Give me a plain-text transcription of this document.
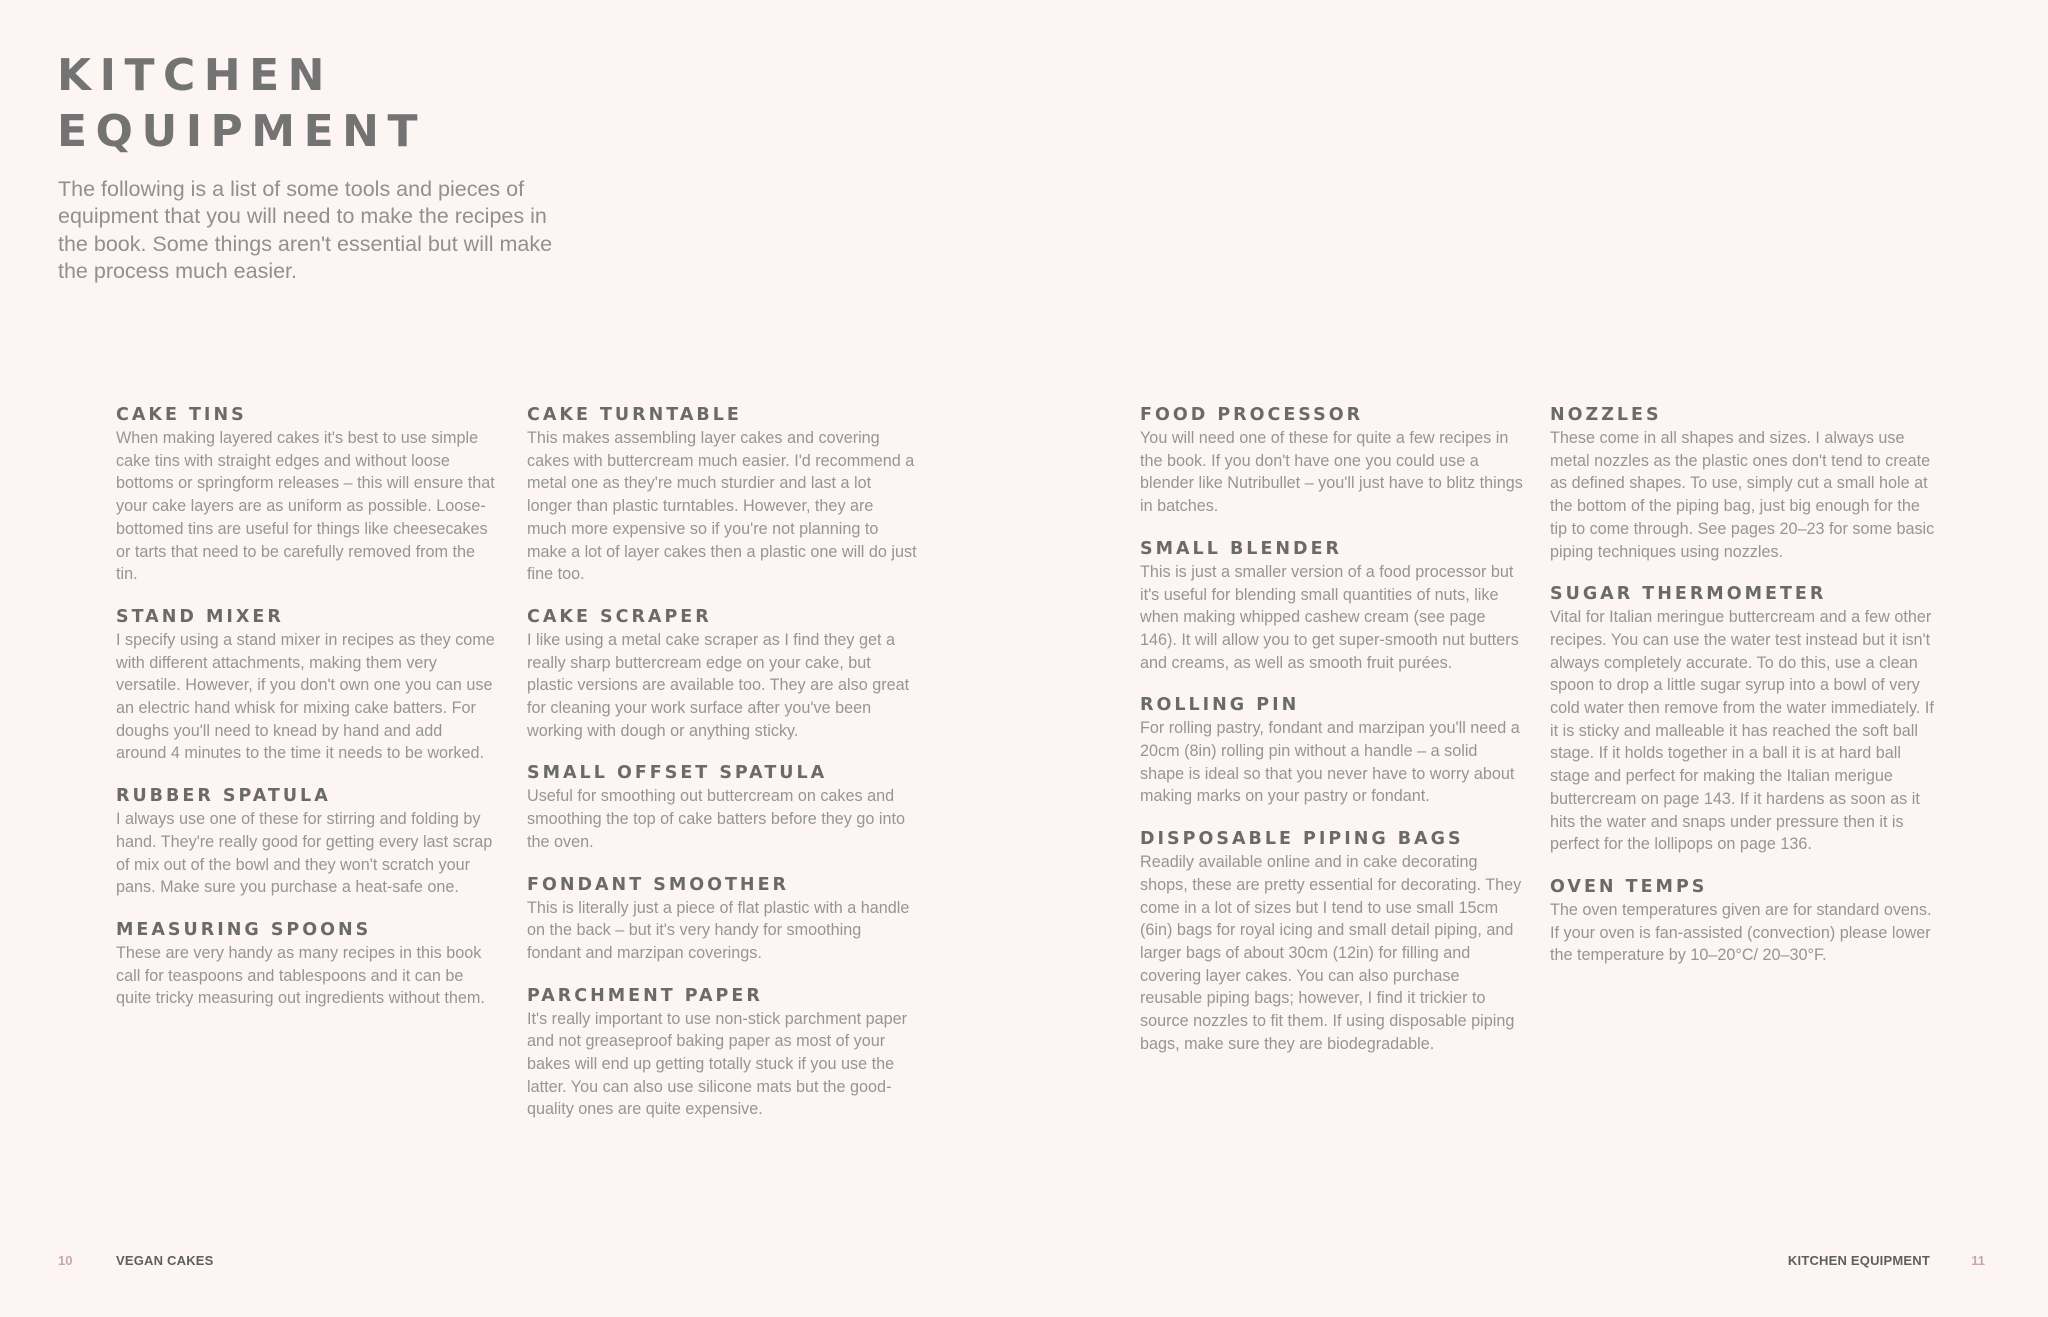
KITCHEN
EQUIPMENT

The following is a list of some tools and pieces of equipment that you will need to make the recipes in the book. Some things aren't essential but will make the process much easier.

CAKE TINS

When making layered cakes it's best to use simple cake tins with straight edges and without loose bottoms or springform releases – this will ensure that your cake layers are as uniform as possible. Loose-bottomed tins are useful for things like cheesecakes or tarts that need to be carefully removed from the tin.

STAND MIXER

I specify using a stand mixer in recipes as they come with different attachments, making them very versatile. However, if you don't own one you can use an electric hand whisk for mixing cake batters. For doughs you'll need to knead by hand and add around 4 minutes to the time it needs to be worked.

RUBBER SPATULA

I always use one of these for stirring and folding by hand. They're really good for getting every last scrap of mix out of the bowl and they won't scratch your pans. Make sure you purchase a heat-safe one.

MEASURING SPOONS

These are very handy as many recipes in this book call for teaspoons and tablespoons and it can be quite tricky measuring out ingredients without them.

CAKE TURNTABLE

This makes assembling layer cakes and covering cakes with buttercream much easier. I'd recommend a metal one as they're much sturdier and last a lot longer than plastic turntables. However, they are much more expensive so if you're not planning to make a lot of layer cakes then a plastic one will do just fine too.

CAKE SCRAPER

I like using a metal cake scraper as I find they get a really sharp buttercream edge on your cake, but plastic versions are available too. They are also great for cleaning your work surface after you've been working with dough or anything sticky.

SMALL OFFSET SPATULA

Useful for smoothing out buttercream on cakes and smoothing the top of cake batters before they go into the oven.

FONDANT SMOOTHER

This is literally just a piece of flat plastic with a handle on the back – but it's very handy for smoothing fondant and marzipan coverings.

PARCHMENT PAPER

It's really important to use non-stick parchment paper and not greaseproof baking paper as most of your bakes will end up getting totally stuck if you use the latter. You can also use silicone mats but the good-quality ones are quite expensive.

FOOD PROCESSOR

You will need one of these for quite a few recipes in the book. If you don't have one you could use a blender like Nutribullet – you'll just have to blitz things in batches.

SMALL BLENDER

This is just a smaller version of a food processor but it's useful for blending small quantities of nuts, like when making whipped cashew cream (see page 146). It will allow you to get super-smooth nut butters and creams, as well as smooth fruit purées.

ROLLING PIN

For rolling pastry, fondant and marzipan you'll need a 20cm (8in) rolling pin without a handle – a solid shape is ideal so that you never have to worry about making marks on your pastry or fondant.

DISPOSABLE PIPING BAGS

Readily available online and in cake decorating shops, these are pretty essential for decorating. They come in a lot of sizes but I tend to use small 15cm (6in) bags for royal icing and small detail piping, and larger bags of about 30cm (12in) for filling and covering layer cakes. You can also purchase reusable piping bags; however, I find it trickier to source nozzles to fit them. If using disposable piping bags, make sure they are biodegradable.

NOZZLES

These come in all shapes and sizes. I always use metal nozzles as the plastic ones don't tend to create as defined shapes. To use, simply cut a small hole at the bottom of the piping bag, just big enough for the tip to come through. See pages 20–23 for some basic piping techniques using nozzles.

SUGAR THERMOMETER

Vital for Italian meringue buttercream and a few other recipes. You can use the water test instead but it isn't always completely accurate. To do this, use a clean spoon to drop a little sugar syrup into a bowl of very cold water then remove from the water immediately. If it is sticky and malleable it has reached the soft ball stage. If it holds together in a ball it is at hard ball stage and perfect for making the Italian merigue buttercream on page 143. If it hardens as soon as it hits the water and snaps under pressure then it is perfect for the lollipops on page 136.

OVEN TEMPS

The oven temperatures given are for standard ovens. If your oven is fan-assisted (convection) please lower the temperature by 10–20°C/ 20–30°F.

10	VEGAN CAKES	KITCHEN EQUIPMENT	11
